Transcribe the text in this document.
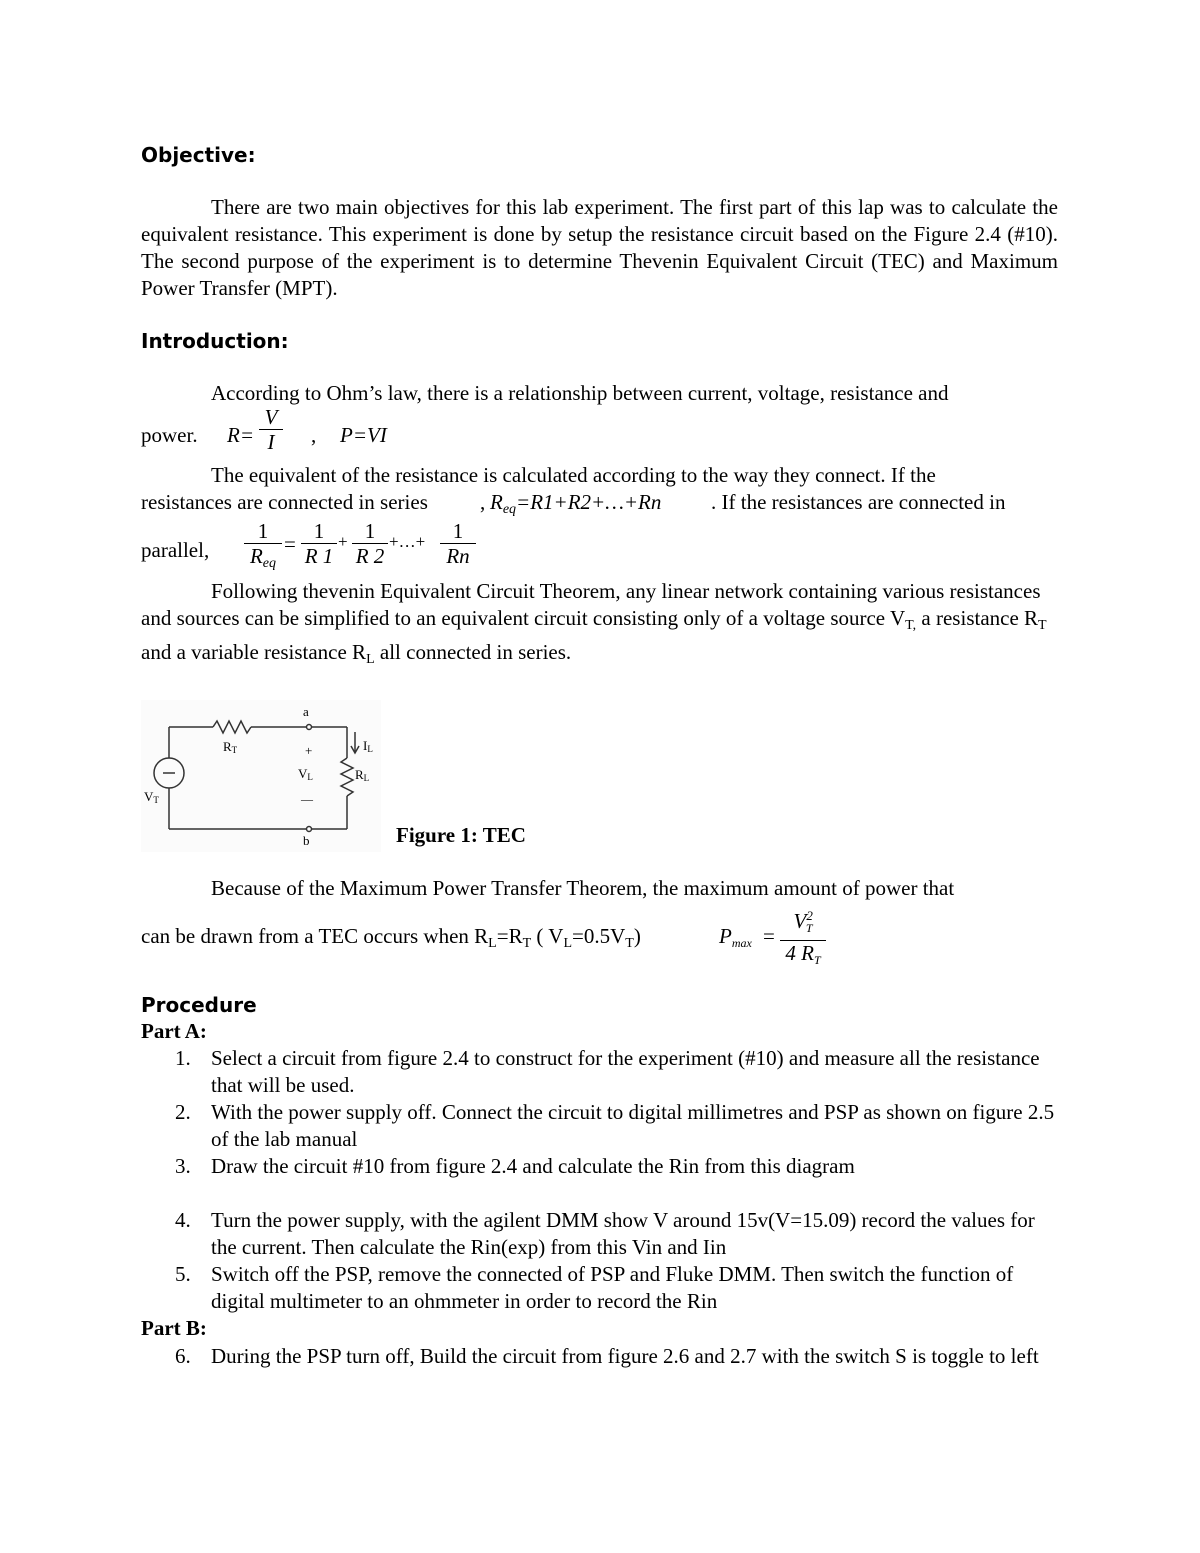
Objective:
There are two main objectives for this lab experiment. The first part of this lap was to calculate the equivalent resistance. This experiment is done by setup the resistance circuit based on the Figure 2.4 (#10). The second purpose of the experiment is to determine Thevenin Equivalent Circuit (TEC) and Maximum Power Transfer (MPT).
Introduction:
According to Ohm’s law, there is a relationship between current, voltage, resistance and
power. R=
V
I	, P=VI
The equivalent of the resistance is calculated according to the way they connect. If the
resistances are connected in series , $R_{eq}=R1+R2+\dots+Rn$ . If the resistances are connected in
parallel,
1
$R_{eq}$
=
1
R 1
+ 1
R 2
+…+	1
Rn
Following thevenin Equivalent Circuit Theorem, any linear network containing various resistances and sources can be simplified to an equivalent circuit consisting only of a voltage source $V_{T,}$ a resistance $R_T$ and a variable resistance $R_L$ all connected in series.
a
b
RT	+
VL
—
IL
RL
VT
Figure 1: TEC
Because of the Maximum Power Transfer Theorem, the maximum amount of power that
can be drawn from a TEC occurs when $R_L=R_T$ ( $V_L=0.5V_T$)	$P_{max}$ =
$V^2_T$
4 $R_T$
Procedure
Part A:
1. Select a circuit from figure 2.4 to construct for the experiment (#10) and measure all the resistance that will be used.
2. With the power supply off. Connect the circuit to digital millimetres and PSP as shown on figure 2.5 of the lab manual
3. Draw the circuit #10 from figure 2.4 and calculate the Rin from this diagram
4. Turn the power supply, with the agilent DMM show V around 15v(V=15.09) record the values for the current. Then calculate the Rin(exp) from this Vin and Iin
5. Switch off the PSP, remove the connected of PSP and Fluke DMM. Then switch the function of digital multimeter to an ohmmeter in order to record the Rin
Part B:
6. During the PSP turn off, Build the circuit from figure 2.6 and 2.7 with the switch S is toggle to left
